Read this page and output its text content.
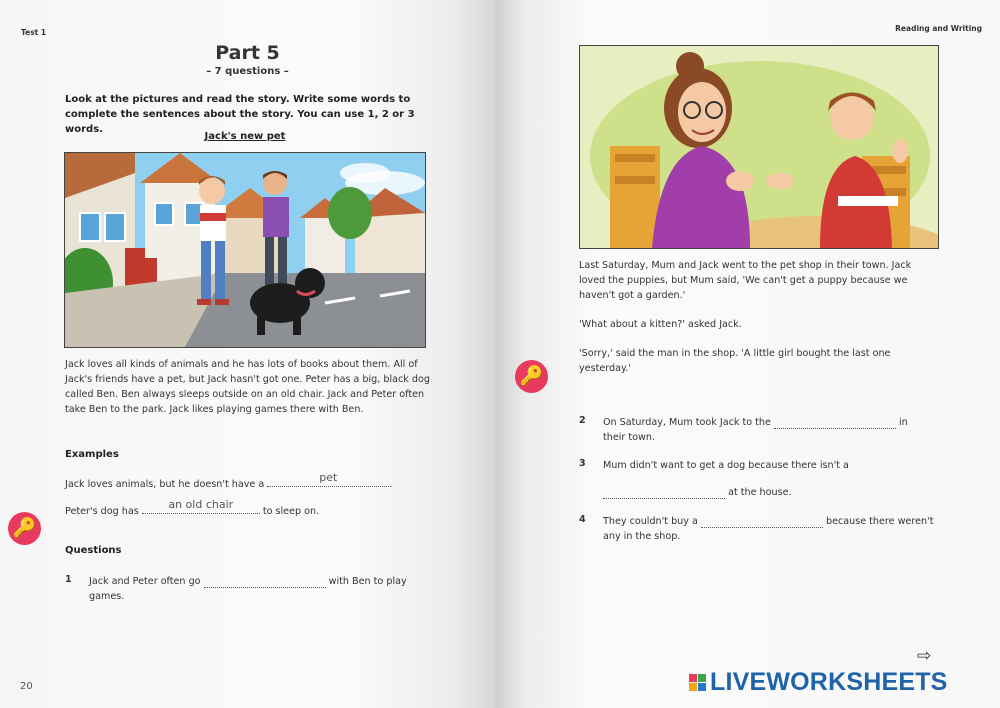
Test 1
Part 5
– 7 questions –
Look at the pictures and read the story. Write some words to complete the sentences about the story. You can use 1, 2 or 3 words.
Jack's new pet
Jack loves all kinds of animals and he has lots of books about them. All of Jack's friends have a pet, but Jack hasn't got one. Peter has a big, black dog called Ben. Ben always sleeps outside on an old chair. Jack and Peter often take Ben to the park. Jack likes playing games there with Ben.
Examples
Jack loves animals, but he doesn't have a
pet
.
Peter's dog has
an old chair
to sleep on.
🔑
Questions
1 Jack and Peter often go	with Ben to play games.
20
Reading and Writing
Last Saturday, Mum and Jack went to the pet shop in their town. Jack loved the puppies, but Mum said, 'We can't get a puppy because we haven't got a garden.'
'What about a kitten?' asked Jack.
'Sorry,' said the man in the shop. 'A little girl bought the last one yesterday.'
🔑
2 On Saturday, Mum took Jack to the	in their town.
3 Mum didn't want to get a dog because there isn't a
at the house.
4 They couldn't buy a	because there weren't any in the shop.
⇨
LIVEWORKSHEETS
